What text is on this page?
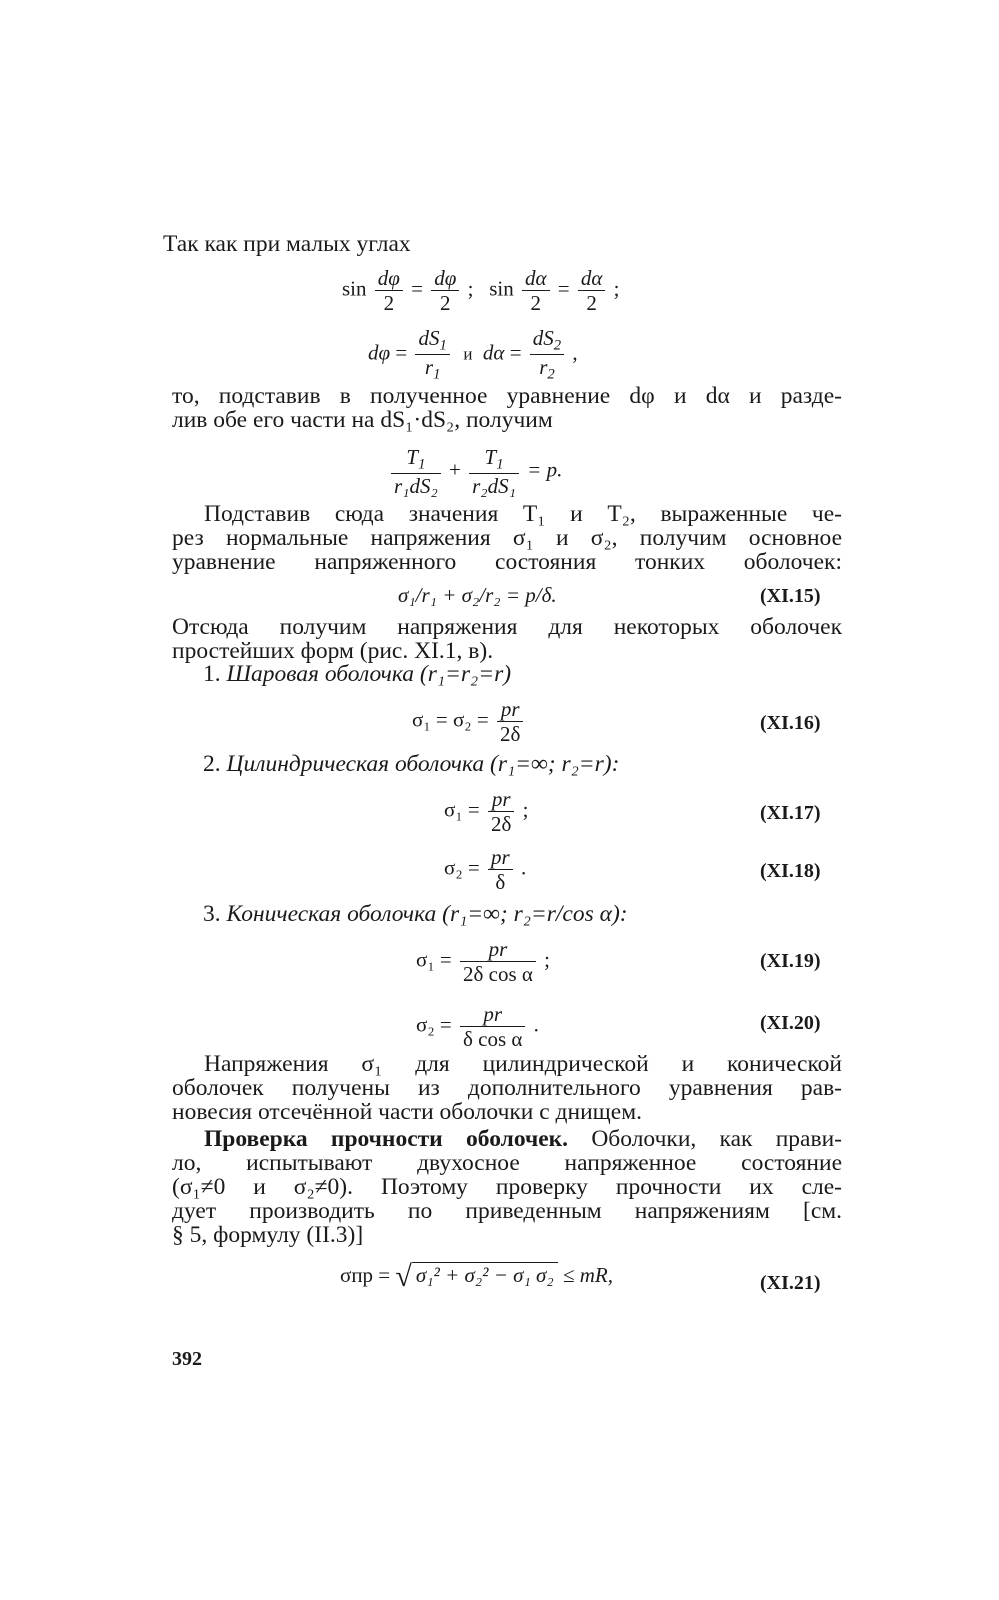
Так как при малых углах
$\sin \frac{d\varphi}{2} = \frac{d\varphi}{2}$ ; $\sin \frac{d\alpha}{2} = \frac{d\alpha}{2}$ ;
$d\varphi = \frac{dS_1}{r_1}$ и $d\alpha = \frac{dS_2}{r_2}$ ,
то, подставив в полученное уравнение dφ и dα и разде-
лив обе его части на dS₁·dS₂, получим
$\frac{T_1}{\text{r₁dS₂}} + \frac{T_1}{\text{r₂dS₁}} = p$.
Подставив сюда значения T₁ и T₂, выраженные че-
рез нормальные напряжения σ₁ и σ₂, получим основное
уравнение напряженного состояния тонких оболочек:
σ₁/r₁ + σ₂/r₂ = p/δ.	(XI.15)
Отсюда получим напряжения для некоторых оболочек
простейших форм (рис. XI.1, в).
1. Шаровая оболочка (r₁=r₂=r)
$\sigma_1 = \sigma_2 = \frac{pr}{2\delta}$	(XI.16)
2. Цилиндрическая оболочка (r₁=∞; r₂=r):
$\sigma_1 = \frac{pr}{2\delta}$ ;	(XI.17)
$\sigma_2 = \frac{pr}{\delta}$ .	(XI.18)
3. Коническая оболочка (r₁=∞; r₂=r/cos α):
$\sigma_1 = \frac{pr}{\text{2δ cos α}}$ ;	(XI.19)
$\sigma_2 = \frac{pr}{\text{δ cos α}}$ .	(XI.20)
Напряжения σ₁ для цилиндрической и конической
оболочек получены из дополнительного уравнения рав-
новесия отсечённой части оболочки с днищем.
Проверка прочности оболочек. Оболочки, как прави-
ло, испытывают двухосное напряженное состояние
(σ₁≠0 и σ₂≠0). Поэтому проверку прочности их сле-
дует производить по приведенным напряжениям [см.
§ 5, формулу (II.3)]
σпр = √ σ₁² + σ₂² − σ₁ σ₂ ≤ mR,	(XI.21)
392
